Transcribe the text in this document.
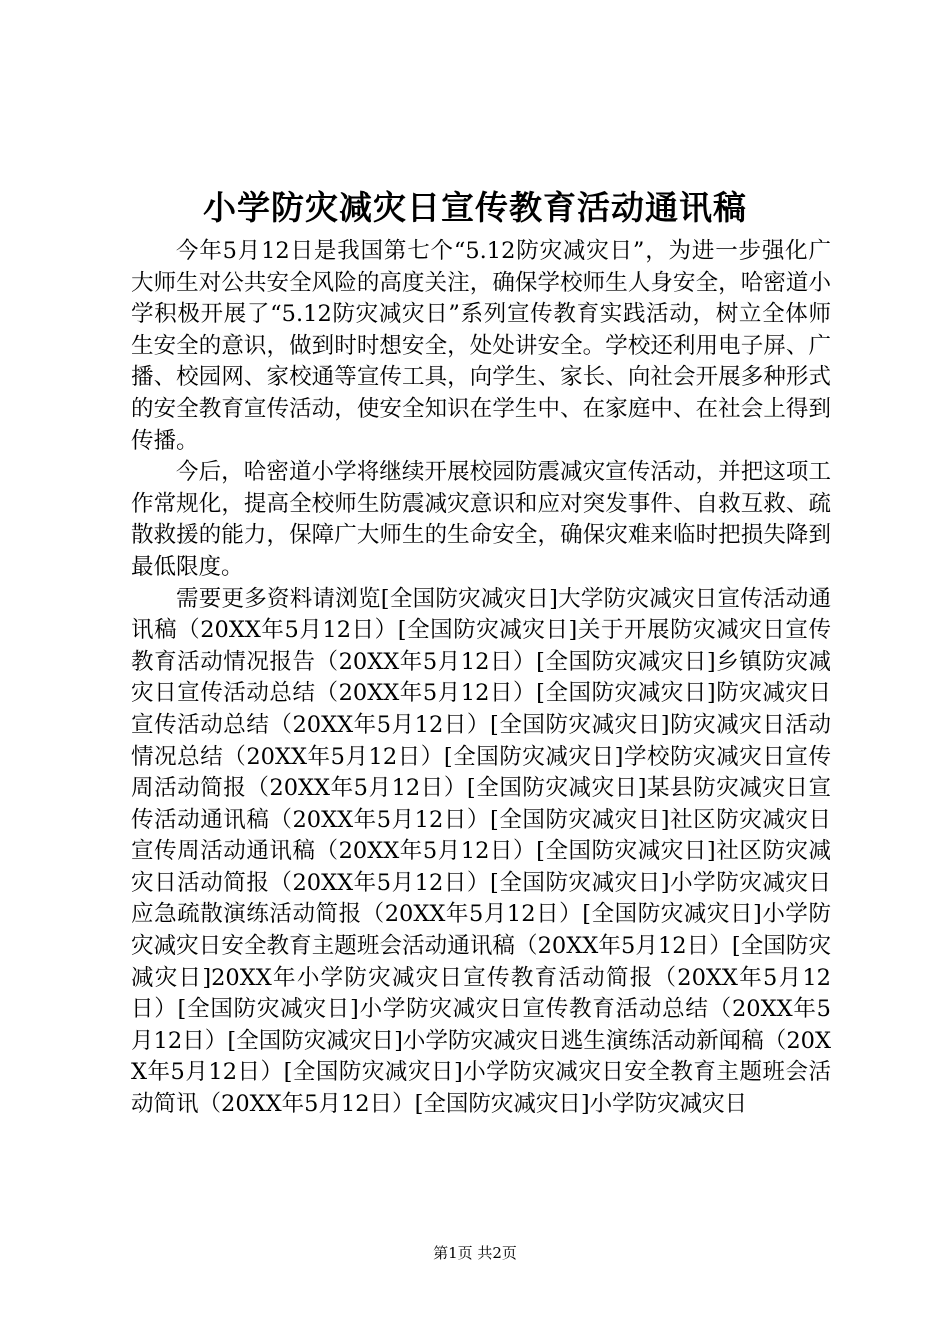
小学防灾减灾日宣传教育活动通讯稿

今年5月12日是我国第七个“5.12防灾减灾日”，为进一步强化广大师生对公共安全风险的高度关注，确保学校师生人身安全，哈密道小学积极开展了“5.12防灾减灾日”系列宣传教育实践活动，树立全体师生安全的意识，做到时时想安全，处处讲安全。学校还利用电子屏、广播、校园网、家校通等宣传工具，向学生、家长、向社会开展多种形式的安全教育宣传活动，使安全知识在学生中、在家庭中、在社会上得到传播。

今后，哈密道小学将继续开展校园防震减灾宣传活动，并把这项工作常规化，提高全校师生防震减灾意识和应对突发事件、自救互救、疏散救援的能力，保障广大师生的生命安全，确保灾难来临时把损失降到最低限度。

需要更多资料请浏览[全国防灾减灾日]大学防灾减灾日宣传活动通讯稿（20XX年5月12日）[全国防灾减灾日]关于开展防灾减灾日宣传教育活动情况报告（20XX年5月12日）[全国防灾减灾日]乡镇防灾减灾日宣传活动总结（20XX年5月12日）[全国防灾减灾日]防灾减灾日宣传活动总结（20XX年5月12日）[全国防灾减灾日]防灾减灾日活动情况总结（20XX年5月12日）[全国防灾减灾日]学校防灾减灾日宣传周活动简报（20XX年5月12日）[全国防灾减灾日]某县防灾减灾日宣传活动通讯稿（20XX年5月12日）[全国防灾减灾日]社区防灾减灾日宣传周活动通讯稿（20XX年5月12日）[全国防灾减灾日]社区防灾减灾日活动简报（20XX年5月12日）[全国防灾减灾日]小学防灾减灾日应急疏散演练活动简报（20XX年5月12日）[全国防灾减灾日]小学防灾减灾日安全教育主题班会活动通讯稿（20XX年5月12日）[全国防灾减灾日]20XX年小学防灾减灾日宣传教育活动简报（20XX年5月12日）[全国防灾减灾日]小学防灾减灾日宣传教育活动总结（20XX年5月12日）[全国防灾减灾日]小学防灾减灾日逃生演练活动新闻稿（20XX年5月12日）[全国防灾减灾日]小学防灾减灾日安全教育主题班会活动简讯（20XX年5月12日）[全国防灾减灾日]小学防灾减灾日

第1页 共2页
